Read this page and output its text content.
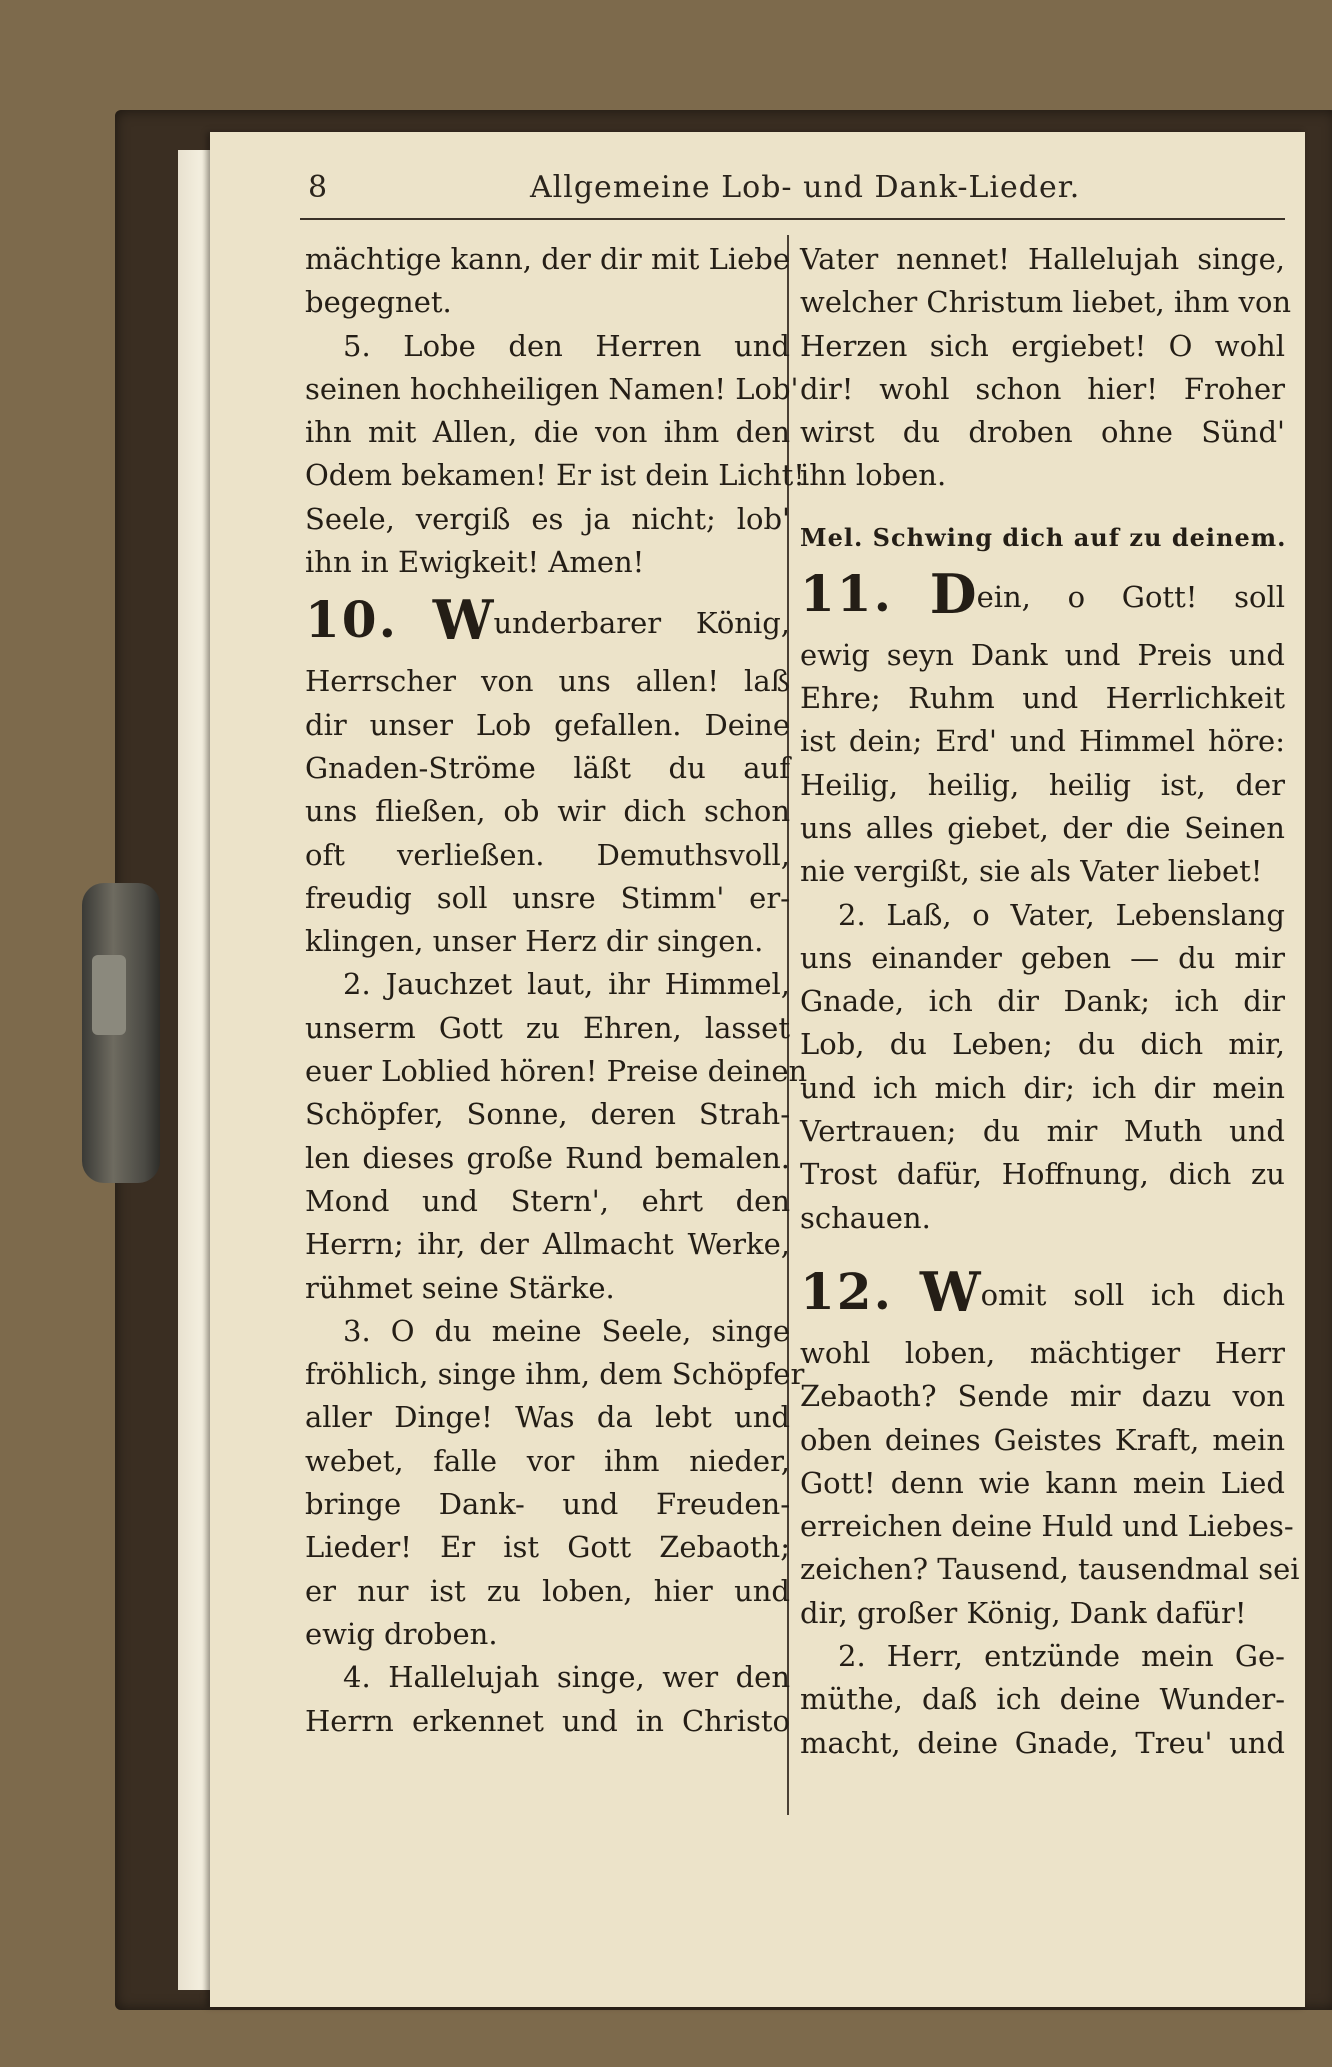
8	Allgemeine Lob- und Dank-Lieder.
mächtige kann, der dir mit Liebe
begegnet.
5. Lobe den Herren und
seinen hochheiligen Namen! Lob'
ihn mit Allen, die von ihm den
Odem bekamen! Er ist dein Licht!
Seele, vergiß es ja nicht; lob'
ihn in Ewigkeit! Amen!
10. Wunderbarer König,
Herrscher von uns allen! laß
dir unser Lob gefallen. Deine
Gnaden-Ströme läßt du auf
uns fließen, ob wir dich schon
oft verließen. Demuthsvoll,
freudig soll unsre Stimm' er-
klingen, unser Herz dir singen.
2. Jauchzet laut, ihr Himmel,
unserm Gott zu Ehren, lasset
euer Loblied hören! Preise deinen
Schöpfer, Sonne, deren Strah-
len dieses große Rund bemalen.
Mond und Stern', ehrt den
Herrn; ihr, der Allmacht Werke,
rühmet seine Stärke.
3. O du meine Seele, singe
fröhlich, singe ihm, dem Schöpfer
aller Dinge! Was da lebt und
webet, falle vor ihm nieder,
bringe Dank- und Freuden-
Lieder! Er ist Gott Zebaoth;
er nur ist zu loben, hier und
ewig droben.
4. Hallelujah singe, wer den
Herrn erkennet und in Christo
Vater nennet! Hallelujah singe,
welcher Christum liebet, ihm von
Herzen sich ergiebet! O wohl
dir! wohl schon hier! Froher
wirst du droben ohne Sünd'
ihn loben.
Mel. Schwing dich auf zu deinem.
11. Dein, o Gott! soll
ewig seyn Dank und Preis und
Ehre; Ruhm und Herrlichkeit
ist dein; Erd' und Himmel höre:
Heilig, heilig, heilig ist, der
uns alles giebet, der die Seinen
nie vergißt, sie als Vater liebet!
2. Laß, o Vater, Lebenslang
uns einander geben — du mir
Gnade, ich dir Dank; ich dir
Lob, du Leben; du dich mir,
und ich mich dir; ich dir mein
Vertrauen; du mir Muth und
Trost dafür, Hoffnung, dich zu
schauen.
12. Womit soll ich dich
wohl loben, mächtiger Herr
Zebaoth? Sende mir dazu von
oben deines Geistes Kraft, mein
Gott! denn wie kann mein Lied
erreichen deine Huld und Liebes-
zeichen? Tausend, tausendmal sei
dir, großer König, Dank dafür!
2. Herr, entzünde mein Ge-
müthe, daß ich deine Wunder-
macht, deine Gnade, Treu' und
